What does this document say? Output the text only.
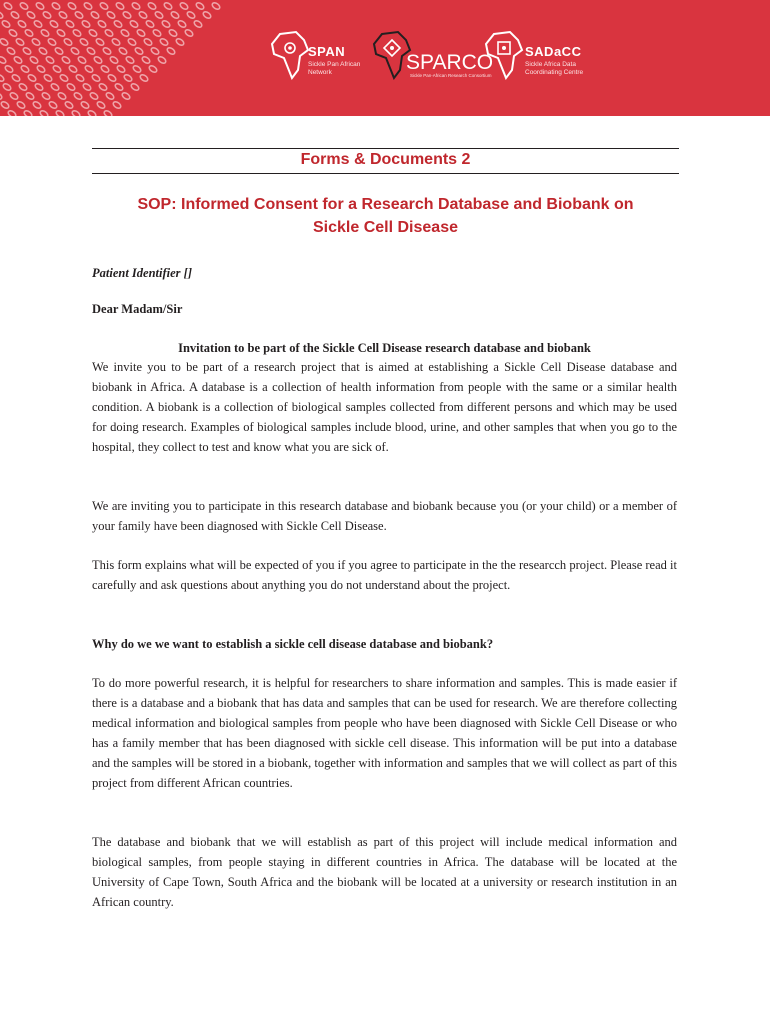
SPAN
Sickle Pan African
Network	SPARCO
Sickle Pan-African Research Consortium
SADaCC
Sickle Africa Data
Coordinating Centre
Forms & Documents 2
SOP: Informed Consent for a Research Database and Biobank on
Sickle Cell Disease
Patient Identifier []
Dear Madam/Sir
Invitation to be part of the Sickle Cell Disease research database and biobank
We invite you to be part of a research project that is aimed at establishing a Sickle Cell Disease database and biobank in Africa. A database is a collection of health information from people with the same or a similar health condition. A biobank is a collection of biological samples collected from different persons and which may be used for doing research. Examples of biological samples include blood, urine, and other samples that when you go to the hospital, they collect to test and know what you are sick of.
We are inviting you to participate in this research database and biobank because you (or your child) or a member of your family have been diagnosed with Sickle Cell Disease.
This form explains what will be expected of you if you agree to participate in the the researcch project. Please read it carefully and ask questions about anything you do not understand about the project.
Why do we we want to establish a sickle cell disease database and biobank?
To do more powerful research, it is helpful for researchers to share information and samples. This is made easier if there is a database and a biobank that has data and samples that can be used for research. We are therefore collecting medical information and biological samples from people who have been diagnosed with Sickle Cell Disease or who has a family member that has been diagnosed with sickle cell disease. This information will be put into a database and the samples will be stored in a biobank, together with information and samples that we will collect as part of this project from different African countries.
The database and biobank that we will establish as part of this project will include medical information and biological samples, from people staying in different countries in Africa. The database will be located at the University of Cape Town, South Africa and the biobank will be located at a university or research institution in an African country.
